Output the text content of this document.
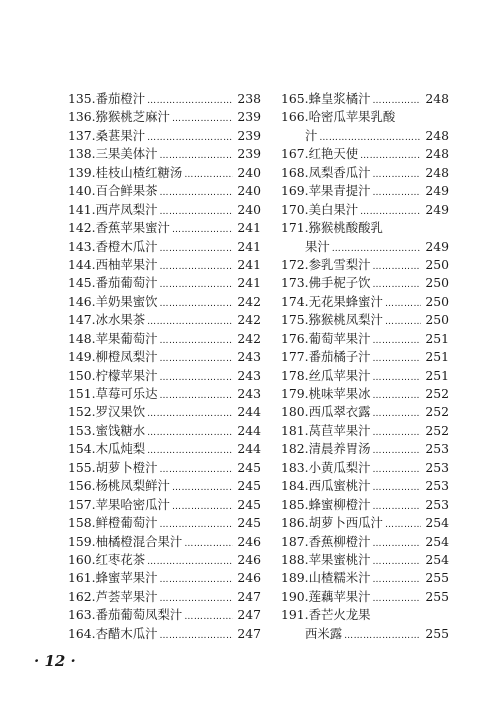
135. 番茄橙汁 ……………………………………………………………	238
136. 猕猴桃芝麻汁 ……………………………………………………………	239
137. 桑葚果汁 ……………………………………………………………	239
138. 三果美体汁 ……………………………………………………………	239
139. 桂枝山楂红糖汤 ……………………………………………………………	240
140. 百合鲜果茶 ……………………………………………………………	240
141. 西芹凤梨汁 ……………………………………………………………	240
142. 香蕉苹果蜜汁 ……………………………………………………………	241
143. 香橙木瓜汁 ……………………………………………………………	241
144. 西柚苹果汁 ……………………………………………………………	241
145. 番茄葡萄汁 ……………………………………………………………	241
146. 羊奶果蜜饮 ……………………………………………………………	242
147. 冰水果茶 ……………………………………………………………	242
148. 苹果葡萄汁 ……………………………………………………………	242
149. 柳橙凤梨汁 ……………………………………………………………	243
150. 柠檬苹果汁 ……………………………………………………………	243
151. 草莓可乐达 ……………………………………………………………	243
152. 罗汉果饮 ……………………………………………………………	244
153. 蜜饯糖水 ……………………………………………………………	244
154. 木瓜炖梨 ……………………………………………………………	244
155. 胡萝卜橙汁 ……………………………………………………………	245
156. 杨桃凤梨鲜汁 ……………………………………………………………	245
157. 苹果哈密瓜汁 ……………………………………………………………	245
158. 鲜橙葡萄汁 ……………………………………………………………	245
159. 柚橘橙混合果汁 ……………………………………………………………	246
160. 红枣花茶 ……………………………………………………………	246
161. 蜂蜜苹果汁 ……………………………………………………………	246
162. 芦荟苹果汁 ……………………………………………………………	247
163. 番茄葡萄凤梨汁 ……………………………………………………………	247
164. 杏醋木瓜汁 ……………………………………………………………	247
165. 蜂皇浆橘汁 ……………………………………………………………	248
166. 哈密瓜苹果乳酸
汁 ……………………………………………………………	248
167. 红艳天使 ……………………………………………………………	248
168. 凤梨香瓜汁 ……………………………………………………………	248
169. 苹果青提汁 ……………………………………………………………	249
170. 美白果汁 ……………………………………………………………	249
171. 猕猴桃酸酸乳
果汁 ……………………………………………………………	249
172. 参乳雪梨汁 ……………………………………………………………	250
173. 佛手柅子饮 ……………………………………………………………	250
174. 无花果蜂蜜汁 ……………………………………………………………	250
175. 猕猴桃凤梨汁 ……………………………………………………………	250
176. 葡萄苹果汁 ……………………………………………………………	251
177. 番茄橘子汁 ……………………………………………………………	251
178. 丝瓜苹果汁 ……………………………………………………………	251
179. 桃味苹果冰 ……………………………………………………………	252
180. 西瓜翠衣露 ……………………………………………………………	252
181. 莴苣苹果汁 ……………………………………………………………	252
182. 清晨养胃汤 ……………………………………………………………	253
183. 小黄瓜梨汁 ……………………………………………………………	253
184. 西瓜蜜桃汁 ……………………………………………………………	253
185. 蜂蜜柳橙汁 ……………………………………………………………	253
186. 胡萝卜西瓜汁 ……………………………………………………………	254
187. 香蕉柳橙汁 ……………………………………………………………	254
188. 苹果蜜桃汁 ……………………………………………………………	254
189. 山楂糯米汁 ……………………………………………………………	255
190. 莲藕苹果汁 ……………………………………………………………	255
191. 香芒火龙果
西米露 ……………………………………………………………	255
· 12 ·
